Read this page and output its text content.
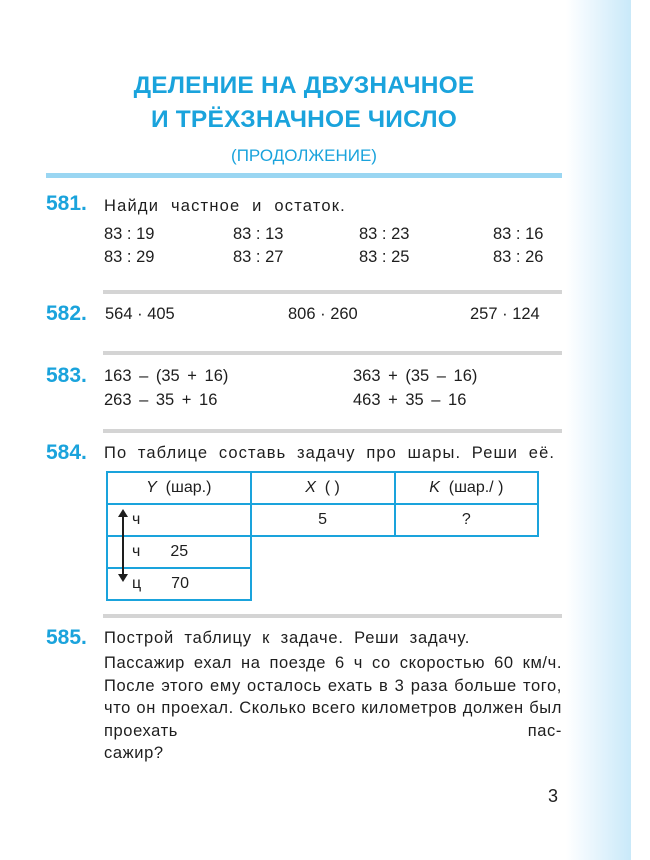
ДЕЛЕНИЕ НА ДВУЗНАЧНОЕ
И ТРЁХЗНАЧНОЕ ЧИСЛО
(ПРОДОЛЖЕНИЕ)
581. Найди частное и остаток.
83 : 19	83 : 13	83 : 23	83 : 16
83 : 29	83 : 27	83 : 25	83 : 26
582. 564 · 405	806 · 260	257 · 124
583. 163 – (35 + 16)	363 + (35 – 16)
263 – 35 + 16	463 + 35 – 16
584. По таблице составь задачу про шары. Реши её.
Y (шар.)	X ( )	K (шар./ )
ч	5	?
ч 25		
ц 70		
585. Построй таблицу к задаче. Реши задачу.
Пассажир ехал на поезде 6 ч со скоростью 60 км/ч. После этого ему осталось ехать в 3 раза больше того, что он проехал. Сколько всего километров должен был проехать пас-
сажир?
3
